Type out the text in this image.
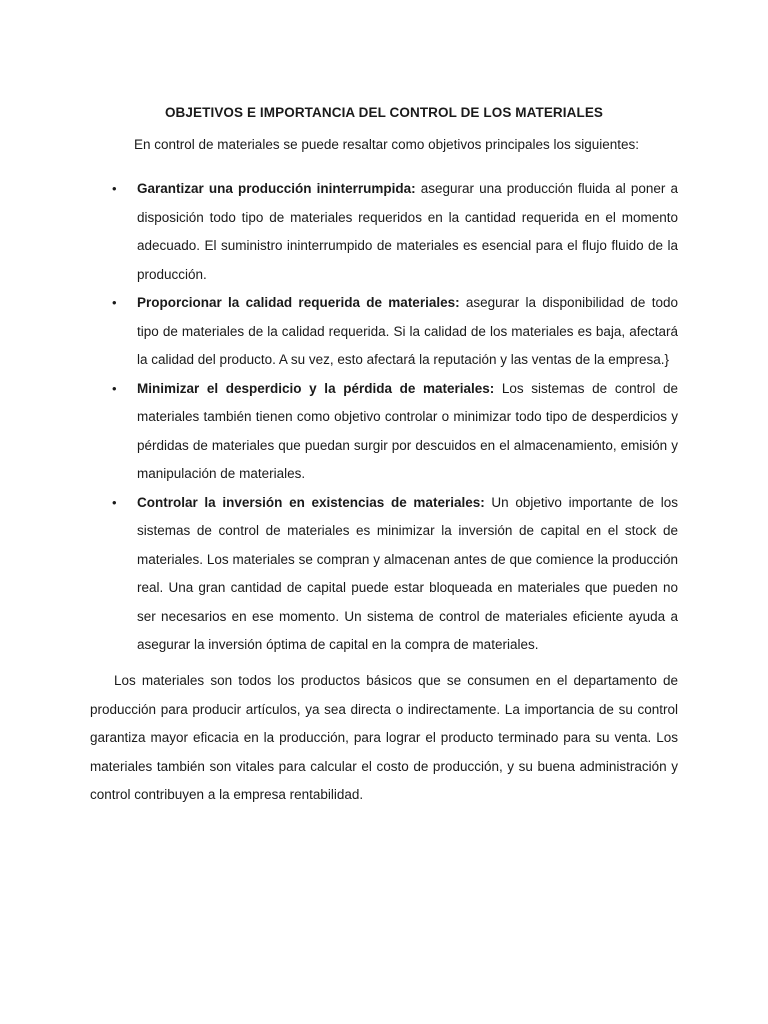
OBJETIVOS E IMPORTANCIA DEL CONTROL DE LOS MATERIALES
En control de materiales se puede resaltar como objetivos principales los siguientes:
• Garantizar una producción ininterrumpida: asegurar una producción fluida al poner a disposición todo tipo de materiales requeridos en la cantidad requerida en el momento adecuado. El suministro ininterrumpido de materiales es esencial para el flujo fluido de la producción.
• Proporcionar la calidad requerida de materiales: asegurar la disponibilidad de todo tipo de materiales de la calidad requerida. Si la calidad de los materiales es baja, afectará la calidad del producto. A su vez, esto afectará la reputación y las ventas de la empresa.}
• Minimizar el desperdicio y la pérdida de materiales: Los sistemas de control de materiales también tienen como objetivo controlar o minimizar todo tipo de desperdicios y pérdidas de materiales que puedan surgir por descuidos en el almacenamiento, emisión y manipulación de materiales.
• Controlar la inversión en existencias de materiales: Un objetivo importante de los sistemas de control de materiales es minimizar la inversión de capital en el stock de materiales. Los materiales se compran y almacenan antes de que comience la producción real. Una gran cantidad de capital puede estar bloqueada en materiales que pueden no ser necesarios en ese momento. Un sistema de control de materiales eficiente ayuda a asegurar la inversión óptima de capital en la compra de materiales.

Los materiales son todos los productos básicos que se consumen en el departamento de producción para producir artículos, ya sea directa o indirectamente. La importancia de su control garantiza mayor eficacia en la producción, para lograr el producto terminado para su venta. Los materiales también son vitales para calcular el costo de producción, y su buena administración y control contribuyen a la empresa rentabilidad.
